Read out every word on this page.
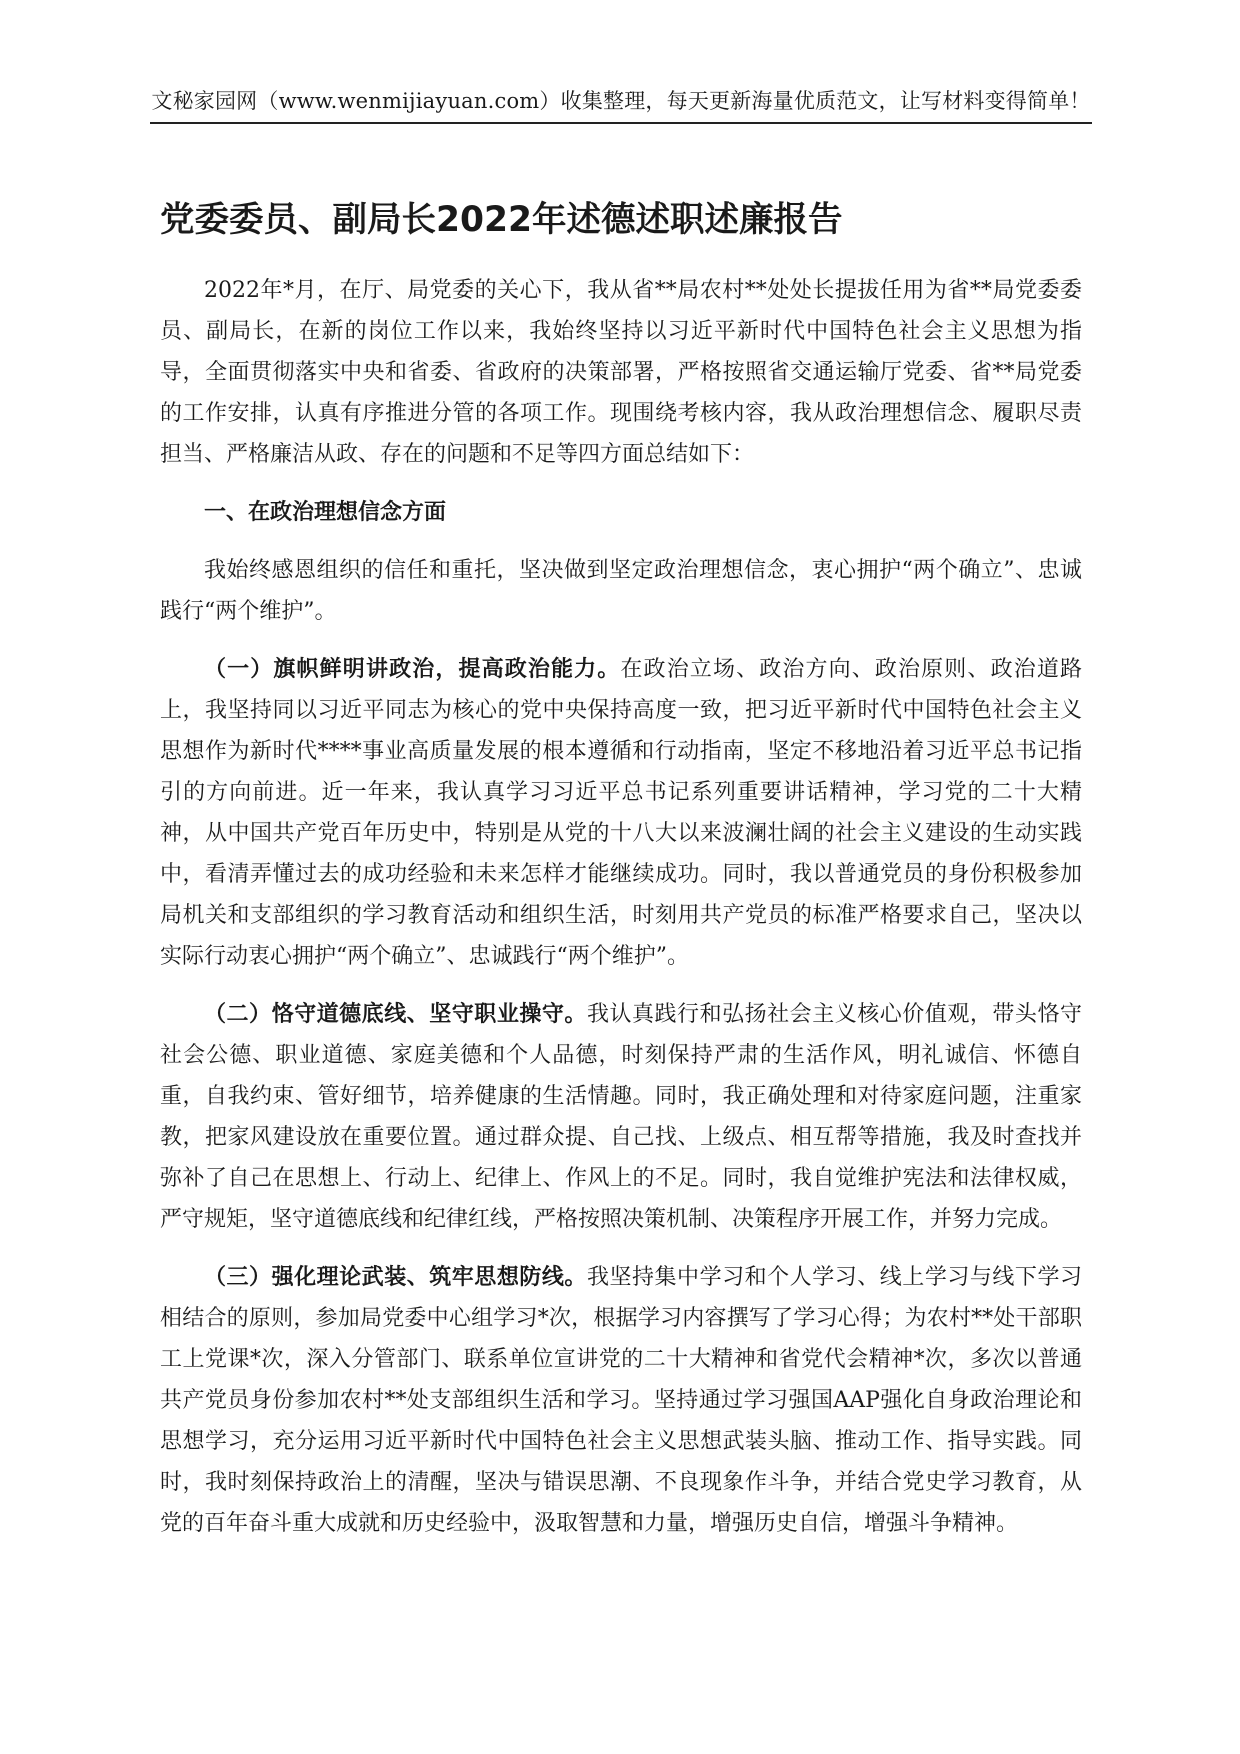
文秘家园网（www.wenmijiayuan.com）收集整理，每天更新海量优质范文，让写材料变得简单！
党委委员、副局长2022年述德述职述廉报告

2022年*月，在厅、局党委的关心下，我从省**局农村**处处长提拔任用为省**局党委委员、副局长，在新的岗位工作以来，我始终坚持以习近平新时代中国特色社会主义思想为指导，全面贯彻落实中央和省委、省政府的决策部署，严格按照省交通运输厅党委、省**局党委的工作安排，认真有序推进分管的各项工作。现围绕考核内容，我从政治理想信念、履职尽责担当、严格廉洁从政、存在的问题和不足等四方面总结如下：

一、在政治理想信念方面

我始终感恩组织的信任和重托，坚决做到坚定政治理想信念，衷心拥护“两个确立”、忠诚践行“两个维护”。

（一）旗帜鲜明讲政治，提高政治能力。在政治立场、政治方向、政治原则、政治道路上，我坚持同以习近平同志为核心的党中央保持高度一致，把习近平新时代中国特色社会主义思想作为新时代****事业高质量发展的根本遵循和行动指南，坚定不移地沿着习近平总书记指引的方向前进。近一年来，我认真学习习近平总书记系列重要讲话精神，学习党的二十大精神，从中国共产党百年历史中，特别是从党的十八大以来波澜壮阔的社会主义建设的生动实践中，看清弄懂过去的成功经验和未来怎样才能继续成功。同时，我以普通党员的身份积极参加局机关和支部组织的学习教育活动和组织生活，时刻用共产党员的标准严格要求自己，坚决以实际行动衷心拥护“两个确立”、忠诚践行“两个维护”。

（二）恪守道德底线、坚守职业操守。我认真践行和弘扬社会主义核心价值观，带头恪守社会公德、职业道德、家庭美德和个人品德，时刻保持严肃的生活作风，明礼诚信、怀德自重，自我约束、管好细节，培养健康的生活情趣。同时，我正确处理和对待家庭问题，注重家教，把家风建设放在重要位置。通过群众提、自己找、上级点、相互帮等措施，我及时查找并弥补了自己在思想上、行动上、纪律上、作风上的不足。同时，我自觉维护宪法和法律权威，严守规矩，坚守道德底线和纪律红线，严格按照决策机制、决策程序开展工作，并努力完成。

（三）强化理论武装、筑牢思想防线。我坚持集中学习和个人学习、线上学习与线下学习相结合的原则，参加局党委中心组学习*次，根据学习内容撰写了学习心得；为农村**处干部职工上党课*次，深入分管部门、联系单位宣讲党的二十大精神和省党代会精神*次，多次以普通共产党员身份参加农村**处支部组织生活和学习。坚持通过学习强国AAP强化自身政治理论和思想学习，充分运用习近平新时代中国特色社会主义思想武装头脑、推动工作、指导实践。同时，我时刻保持政治上的清醒，坚决与错误思潮、不良现象作斗争，并结合党史学习教育，从党的百年奋斗重大成就和历史经验中，汲取智慧和力量，增强历史自信，增强斗争精神。
